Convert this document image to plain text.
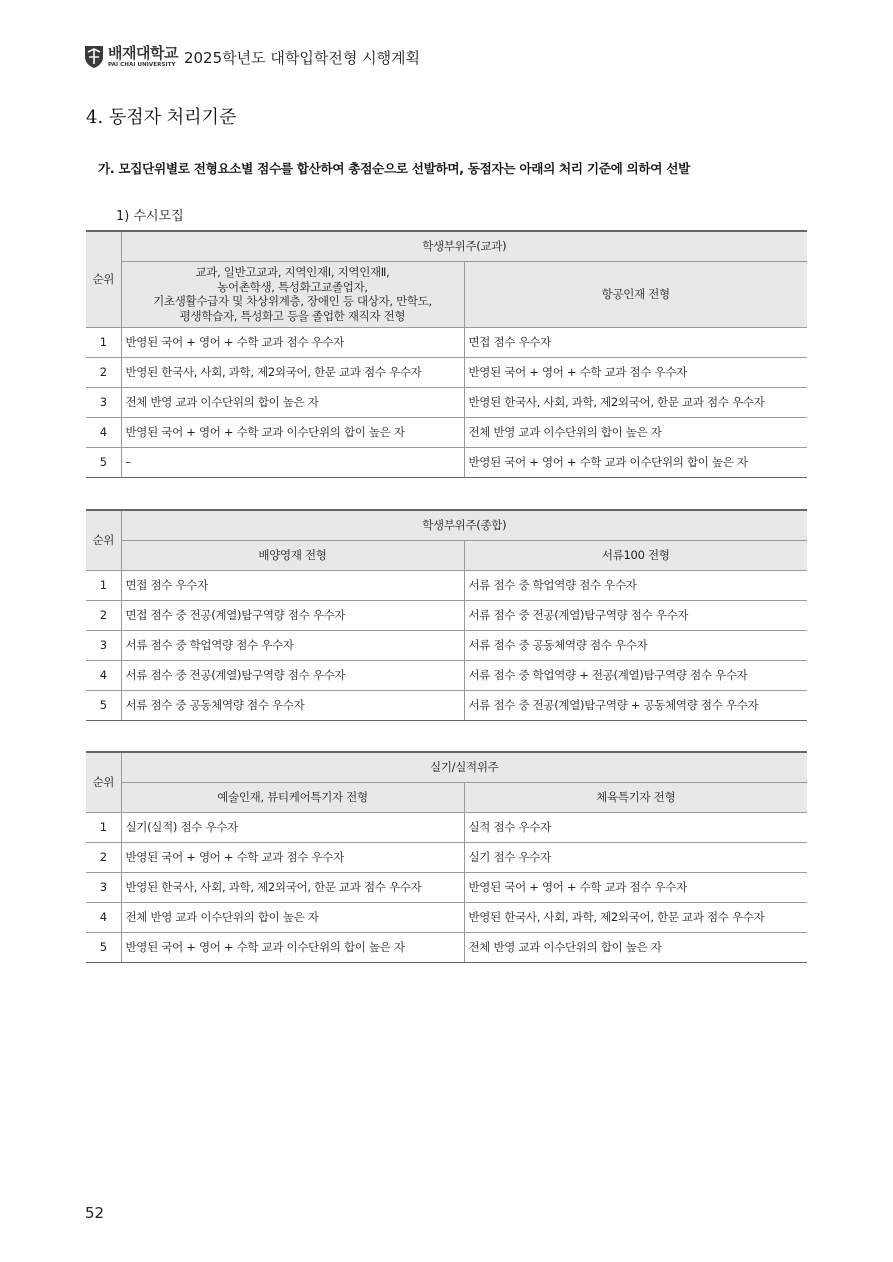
배재대학교
PAI CHAI UNIVERSITY 2025학년도 대학입학전형 시행계획
4. 동점자 처리기준
가. 모집단위별로 전형요소별 점수를 합산하여 총점순으로 선발하며, 동점자는 아래의 처리 기준에 의하여 선발
1) 수시모집
순위	학생부위주(교과)	
	교과, 일반고교과, 지역인재Ⅰ, 지역인재Ⅱ,
농어촌학생, 특성화고교졸업자,
기초생활수급자 및 차상위계층, 장애인 등 대상자, 만학도,
평생학습자, 특성화고 등을 졸업한 재직자 전형	항공인재 전형
1	반영된 국어 + 영어 + 수학 교과 점수 우수자	면접 점수 우수자
2	반영된 한국사, 사회, 과학, 제2외국어, 한문 교과 점수 우수자	반영된 국어 + 영어 + 수학 교과 점수 우수자
3	전체 반영 교과 이수단위의 합이 높은 자	반영된 한국사, 사회, 과학, 제2외국어, 한문 교과 점수 우수자
4	반영된 국어 + 영어 + 수학 교과 이수단위의 합이 높은 자	전체 반영 교과 이수단위의 합이 높은 자
5	–	반영된 국어 + 영어 + 수학 교과 이수단위의 합이 높은 자
순위	학생부위주(종합)	
	배양영재 전형	서류100 전형
1	면접 점수 우수자	서류 점수 중 학업역량 점수 우수자
2	면접 점수 중 전공(계열)탐구역량 점수 우수자	서류 점수 중 전공(계열)탐구역량 점수 우수자
3	서류 점수 중 학업역량 점수 우수자	서류 점수 중 공동체역량 점수 우수자
4	서류 점수 중 전공(계열)탐구역량 점수 우수자	서류 점수 중 학업역량 + 전공(계열)탐구역량 점수 우수자
5	서류 점수 중 공동체역량 점수 우수자	서류 점수 중 전공(계열)탐구역량 + 공동체역량 점수 우수자
순위	실기/실적위주	
	예술인재, 뷰티케어특기자 전형	체육특기자 전형
1	실기(실적) 점수 우수자	실적 점수 우수자
2	반영된 국어 + 영어 + 수학 교과 점수 우수자	실기 점수 우수자
3	반영된 한국사, 사회, 과학, 제2외국어, 한문 교과 점수 우수자	반영된 국어 + 영어 + 수학 교과 점수 우수자
4	전체 반영 교과 이수단위의 합이 높은 자	반영된 한국사, 사회, 과학, 제2외국어, 한문 교과 점수 우수자
5	반영된 국어 + 영어 + 수학 교과 이수단위의 합이 높은 자	전체 반영 교과 이수단위의 합이 높은 자
52
